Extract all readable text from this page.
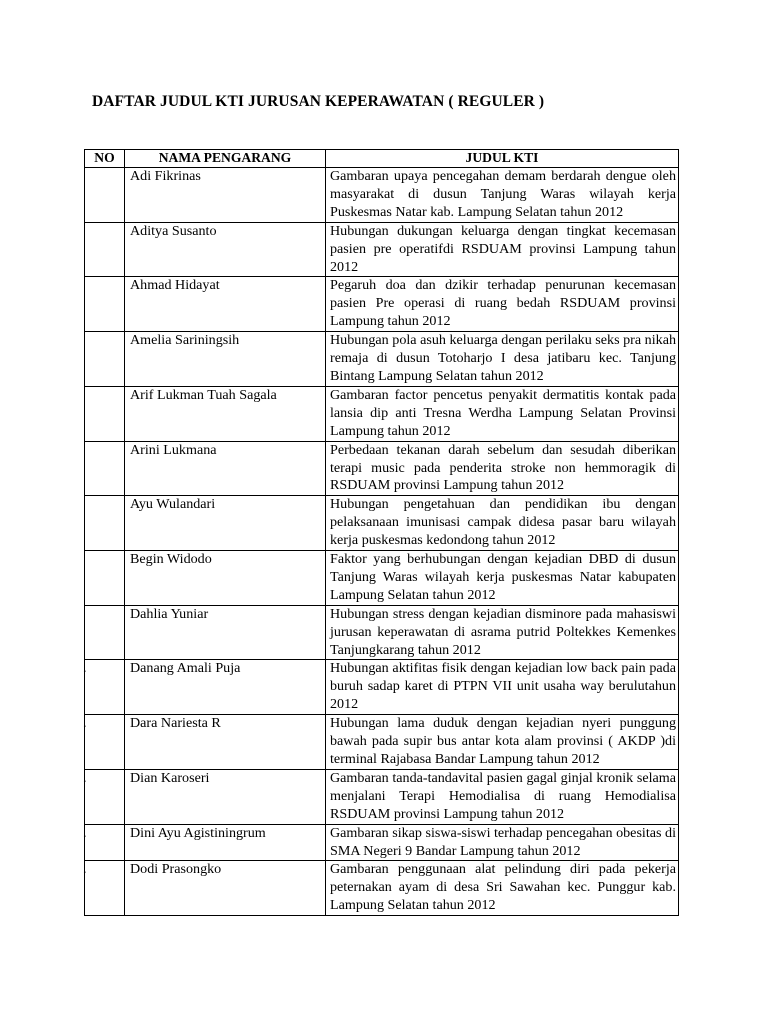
DAFTAR JUDUL KTI JURUSAN KEPERAWATAN ( REGULER )
NO	NAMA PENGARANG	JUDUL KTI

	Adi Fikrinas	Gambaran upaya pencegahan demam berdarah dengue oleh masyarakat di dusun Tanjung Waras wilayah kerja Puskesmas Natar kab. Lampung Selatan tahun 2012

	Aditya Susanto	Hubungan dukungan keluarga dengan tingkat kecemasan pasien pre operatifdi RSDUAM provinsi Lampung tahun 2012

	Ahmad Hidayat	Pegaruh doa dan dzikir terhadap penurunan kecemasan pasien Pre operasi di ruang bedah RSDUAM provinsi Lampung tahun 2012

	Amelia Sariningsih	Hubungan pola asuh keluarga dengan perilaku seks pra nikah remaja di dusun Totoharjo I desa jatibaru kec. Tanjung Bintang Lampung Selatan tahun 2012

	Arif Lukman Tuah Sagala	Gambaran factor pencetus penyakit dermatitis kontak pada lansia dip anti Tresna Werdha Lampung Selatan Provinsi Lampung tahun 2012

	Arini Lukmana	Perbedaan tekanan darah sebelum dan sesudah diberikan terapi music pada penderita stroke non hemmoragik di RSDUAM provinsi Lampung tahun 2012

	Ayu Wulandari	Hubungan pengetahuan dan pendidikan ibu dengan pelaksanaan imunisasi campak didesa pasar baru wilayah kerja puskesmas kedondong tahun 2012

	Begin Widodo	Faktor yang berhubungan dengan kejadian DBD di dusun Tanjung Waras wilayah kerja puskesmas Natar kabupaten Lampung Selatan tahun 2012

	Dahlia Yuniar	Hubungan stress dengan kejadian disminore pada mahasiswi jurusan keperawatan di asrama putrid Poltekkes Kemenkes Tanjungkarang tahun 2012

.	Danang Amali Puja	Hubungan aktifitas fisik dengan kejadian low back pain pada buruh sadap karet di PTPN VII unit usaha way berulutahun 2012

.	Dara Nariesta R	Hubungan lama duduk dengan kejadian nyeri punggung bawah pada supir bus antar kota alam provinsi ( AKDP )di terminal Rajabasa Bandar Lampung tahun 2012

.	Dian Karoseri	Gambaran tanda-tandavital pasien gagal ginjal kronik selama menjalani Terapi Hemodialisa di ruang Hemodialisa RSDUAM provinsi Lampung tahun 2012

.	Dini Ayu Agistiningrum	Gambaran sikap siswa-siswi terhadap pencegahan obesitas di SMA Negeri 9 Bandar Lampung tahun 2012

.	Dodi Prasongko	Gambaran penggunaan alat pelindung diri pada pekerja peternakan ayam di desa Sri Sawahan kec. Punggur kab. Lampung Selatan tahun 2012
